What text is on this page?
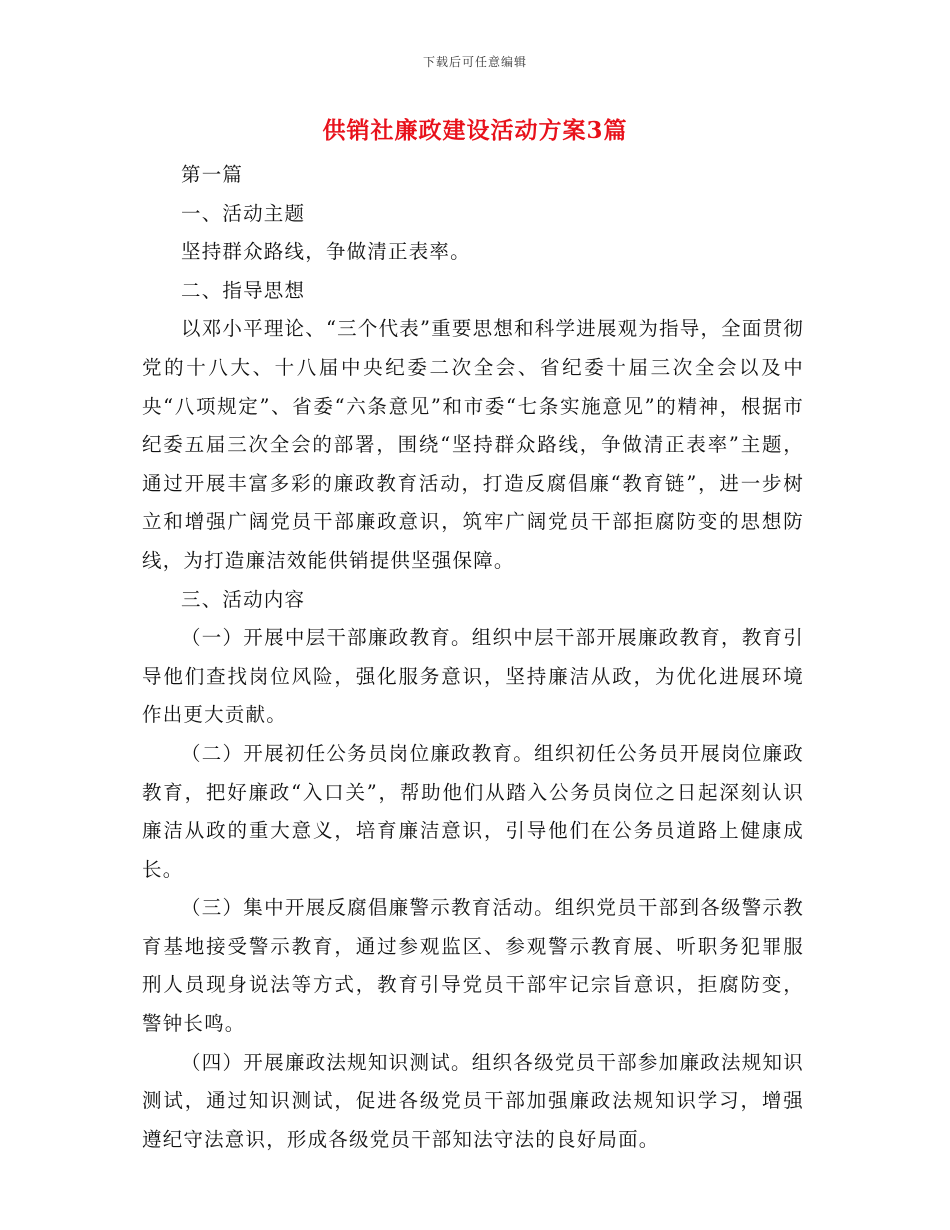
下载后可任意编辑
供销社廉政建设活动方案3篇

第一篇

一、活动主题

坚持群众路线，争做清正表率。

二、指导思想

以邓小平理论、“三个代表”重要思想和科学进展观为指导，全面贯彻党的十八大、十八届中央纪委二次全会、省纪委十届三次全会以及中央“八项规定”、省委“六条意见”和市委“七条实施意见”的精神，根据市纪委五届三次全会的部署，围绕“坚持群众路线，争做清正表率”主题，通过开展丰富多彩的廉政教育活动，打造反腐倡廉“教育链”，进一步树立和增强广阔党员干部廉政意识，筑牢广阔党员干部拒腐防变的思想防线，为打造廉洁效能供销提供坚强保障。

三、活动内容

（一）开展中层干部廉政教育。组织中层干部开展廉政教育，教育引导他们查找岗位风险，强化服务意识，坚持廉洁从政，为优化进展环境作出更大贡献。

（二）开展初任公务员岗位廉政教育。组织初任公务员开展岗位廉政教育，把好廉政“入口关”，帮助他们从踏入公务员岗位之日起深刻认识廉洁从政的重大意义，培育廉洁意识，引导他们在公务员道路上健康成长。

（三）集中开展反腐倡廉警示教育活动。组织党员干部到各级警示教育基地接受警示教育，通过参观监区、参观警示教育展、听职务犯罪服刑人员现身说法等方式，教育引导党员干部牢记宗旨意识，拒腐防变，警钟长鸣。

（四）开展廉政法规知识测试。组织各级党员干部参加廉政法规知识测试，通过知识测试，促进各级党员干部加强廉政法规知识学习，增强遵纪守法意识，形成各级党员干部知法守法的良好局面。
